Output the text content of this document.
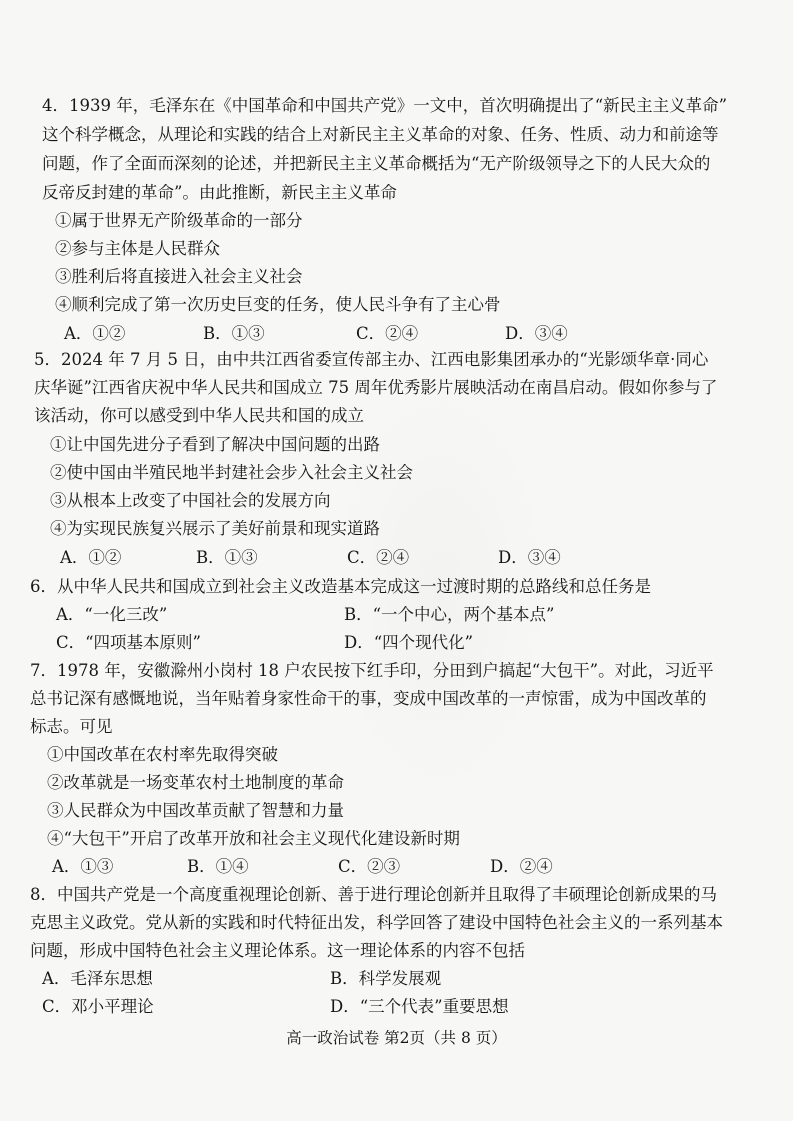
4．1939 年，毛泽东在《中国革命和中国共产党》一文中，首次明确提出了“新民主主义革命”
这个科学概念，从理论和实践的结合上对新民主主义革命的对象、任务、性质、动力和前途等
问题，作了全面而深刻的论述，并把新民主主义革命概括为“无产阶级领导之下的人民大众的
反帝反封建的革命”。由此推断，新民主主义革命
①属于世界无产阶级革命的一部分
②参与主体是人民群众
③胜利后将直接进入社会主义社会
④顺利完成了第一次历史巨变的任务，使人民斗争有了主心骨
A．①②	B．①③	C．②④	D．③④
5．2024 年 7 月 5 日，由中共江西省委宣传部主办、江西电影集团承办的“光影颂华章·同心
庆华诞”江西省庆祝中华人民共和国成立 75 周年优秀影片展映活动在南昌启动。假如你参与了
该活动，你可以感受到中华人民共和国的成立
①让中国先进分子看到了解决中国问题的出路
②使中国由半殖民地半封建社会步入社会主义社会
③从根本上改变了中国社会的发展方向
④为实现民族复兴展示了美好前景和现实道路
A．①②	B．①③	C．②④	D．③④
6．从中华人民共和国成立到社会主义改造基本完成这一过渡时期的总路线和总任务是
A．“一化三改”	B．“一个中心，两个基本点”
C．“四项基本原则”	D．“四个现代化”
7．1978 年，安徽滁州小岗村 18 户农民按下红手印，分田到户搞起“大包干”。对此，习近平
总书记深有感慨地说，当年贴着身家性命干的事，变成中国改革的一声惊雷，成为中国改革的
标志。可见
①中国改革在农村率先取得突破
②改革就是一场变革农村土地制度的革命
③人民群众为中国改革贡献了智慧和力量
④“大包干”开启了改革开放和社会主义现代化建设新时期
A．①③	B．①④	C．②③	D．②④
8．中国共产党是一个高度重视理论创新、善于进行理论创新并且取得了丰硕理论创新成果的马
克思主义政党。党从新的实践和时代特征出发，科学回答了建设中国特色社会主义的一系列基本
问题，形成中国特色社会主义理论体系。这一理论体系的内容不包括
A．毛泽东思想	B．科学发展观
C．邓小平理论	D．“三个代表”重要思想
高一政治试卷 第2页（共 8 页）
